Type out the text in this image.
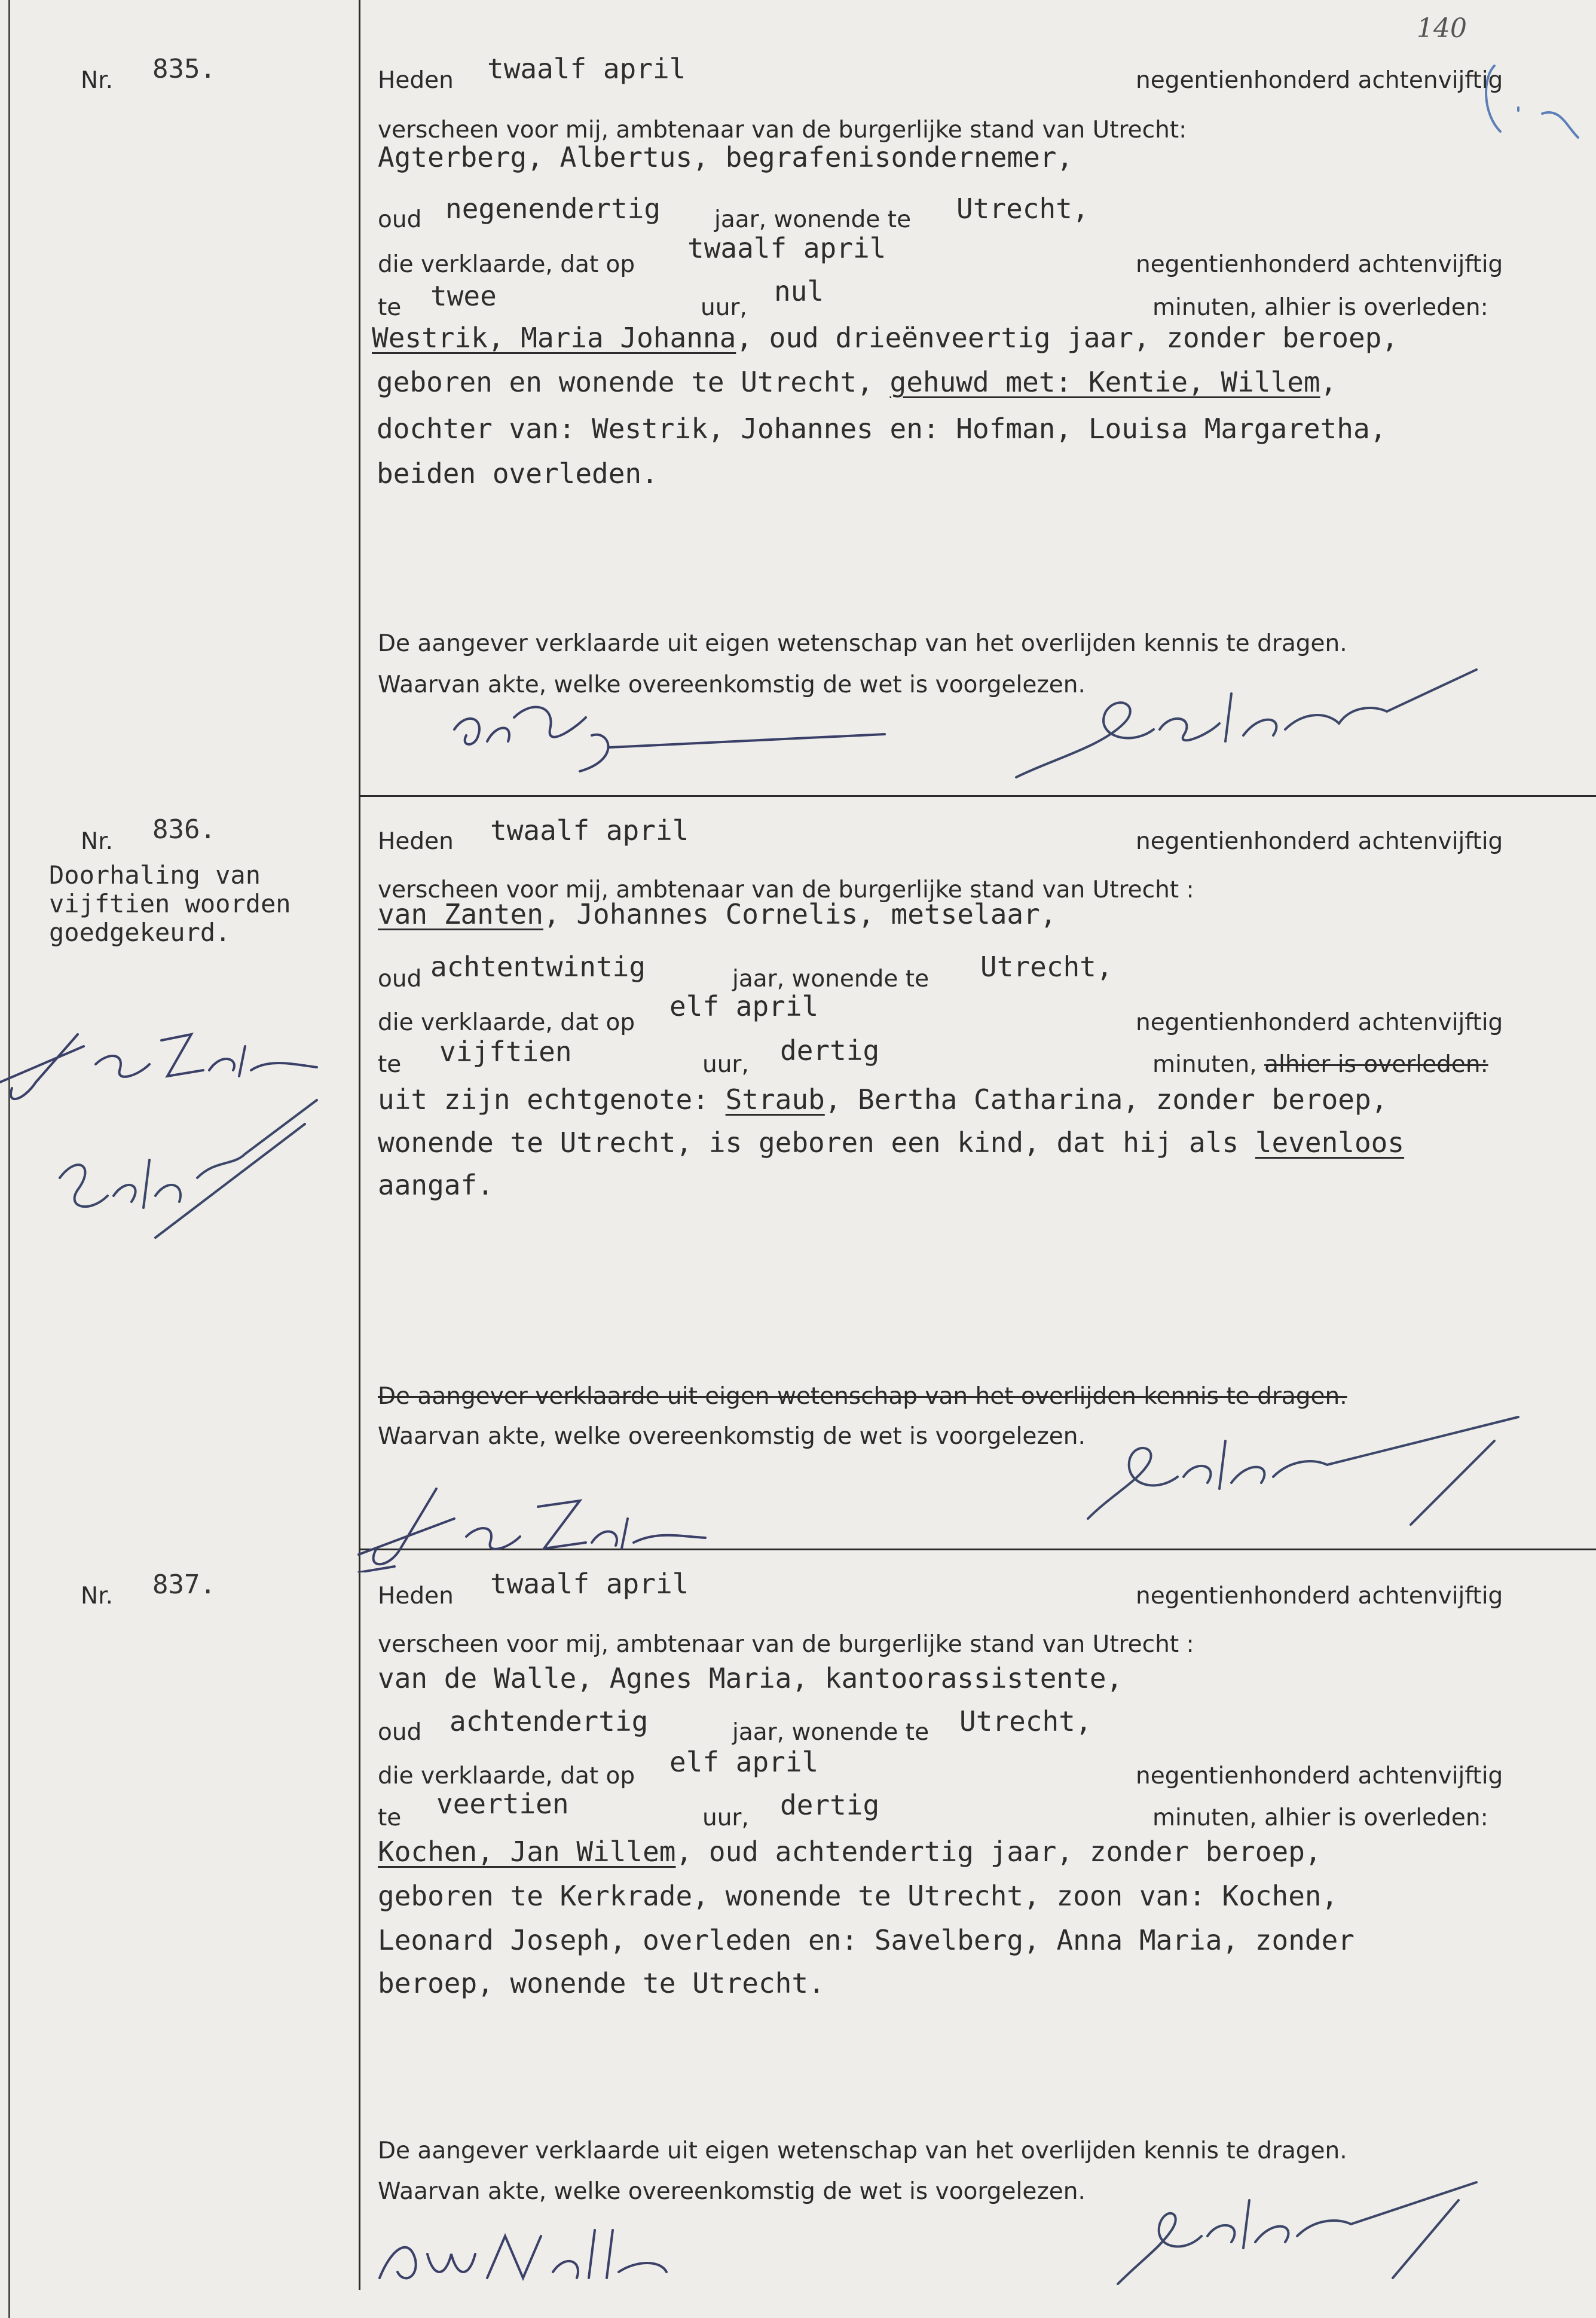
140
Nr. 835.	Heden twaalf april	negentienhonderd achtenvijftig
verscheen voor mij, ambtenaar van de burgerlijke stand van Utrecht:
Agterberg, Albertus, begrafenisondernemer,
oud negenendertig jaar, wonende te Utrecht,
die verklaarde, dat op
twaalf april
negentienhonderd achtenvijftig
te twee	uur,
nul
minuten, alhier is overleden:
Westrik, Maria Johanna, oud drieënveertig jaar, zonder beroep,
geboren en wonende te Utrecht, gehuwd met: Kentie, Willem,
dochter van: Westrik, Johannes en: Hofman, Louisa Margaretha,
beiden overleden.
De aangever verklaarde uit eigen wetenschap van het overlijden kennis te dragen.
Waarvan akte, welke overeenkomstig de wet is voorgelezen.
Nr. 836.
Doorhaling van
vijftien woorden
goedgekeurd.
Heden twaalf april	negentienhonderd achtenvijftig
verscheen voor mij, ambtenaar van de burgerlijke stand van Utrecht :
van Zanten, Johannes Cornelis, metselaar,
oud achtentwintig	jaar, wonende te Utrecht,
die verklaarde, dat op
elf april
negentienhonderd achtenvijftig
te vijftien	uur, dertig	minuten, alhier is overleden:
uit zijn echtgenote: Straub, Bertha Catharina, zonder beroep,
wonende te Utrecht, is geboren een kind, dat hij als levenloos
aangaf.
De aangever verklaarde uit eigen wetenschap van het overlijden kennis te dragen.
Waarvan akte, welke overeenkomstig de wet is voorgelezen.
Nr. 837.	Heden twaalf april	negentienhonderd achtenvijftig
verscheen voor mij, ambtenaar van de burgerlijke stand van Utrecht :
van de Walle, Agnes Maria, kantoorassistente,
oud achtendertig	jaar, wonende te Utrecht,
die verklaarde, dat op elf april	negentienhonderd achtenvijftig
te veertien	uur, dertig	minuten, alhier is overleden:
Kochen, Jan Willem, oud achtendertig jaar, zonder beroep,
geboren te Kerkrade, wonende te Utrecht, zoon van: Kochen,
Leonard Joseph, overleden en: Savelberg, Anna Maria, zonder
beroep, wonende te Utrecht.
De aangever verklaarde uit eigen wetenschap van het overlijden kennis te dragen.
Waarvan akte, welke overeenkomstig de wet is voorgelezen.
